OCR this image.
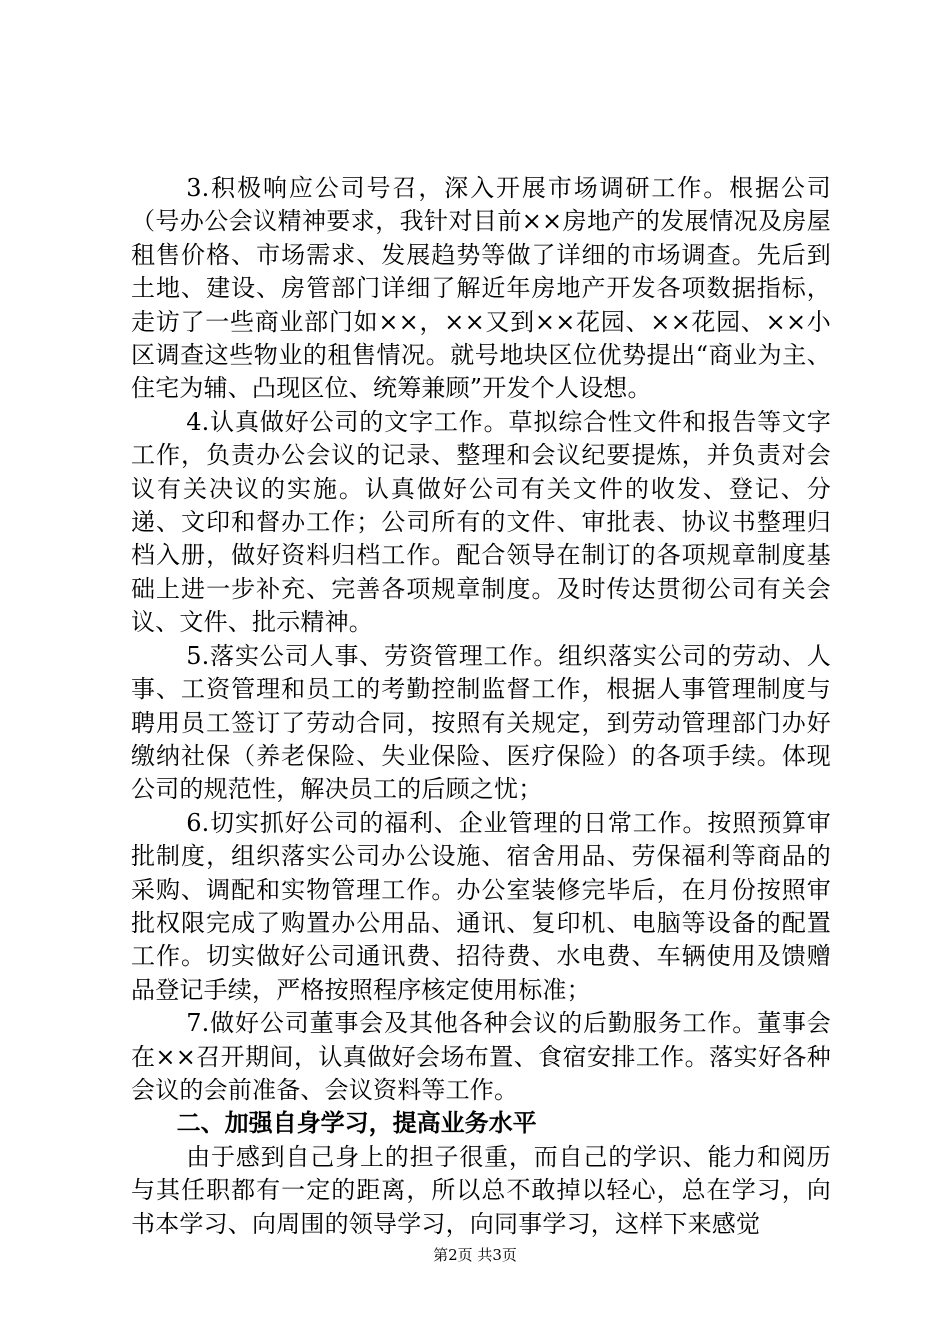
3.积极响应公司号召，深入开展市场调研工作。根据公司（号办公会议精神要求，我针对目前××房地产的发展情况及房屋租售价格、市场需求、发展趋势等做了详细的市场调查。先后到土地、建设、房管部门详细了解近年房地产开发各项数据指标，走访了一些商业部门如××，××又到××花园、××花园、××小区调查这些物业的租售情况。就号地块区位优势提出“商业为主、住宅为辅、凸现区位、统筹兼顾”开发个人设想。

4.认真做好公司的文字工作。草拟综合性文件和报告等文字工作，负责办公会议的记录、整理和会议纪要提炼，并负责对会议有关决议的实施。认真做好公司有关文件的收发、登记、分递、文印和督办工作；公司所有的文件、审批表、协议书整理归档入册，做好资料归档工作。配合领导在制订的各项规章制度基础上进一步补充、完善各项规章制度。及时传达贯彻公司有关会议、文件、批示精神。

5.落实公司人事、劳资管理工作。组织落实公司的劳动、人事、工资管理和员工的考勤控制监督工作，根据人事管理制度与聘用员工签订了劳动合同，按照有关规定，到劳动管理部门办好缴纳社保（养老保险、失业保险、医疗保险）的各项手续。体现公司的规范性，解决员工的后顾之忧；

6.切实抓好公司的福利、企业管理的日常工作。按照预算审批制度，组织落实公司办公设施、宿舍用品、劳保福利等商品的采购、调配和实物管理工作。办公室装修完毕后，在月份按照审批权限完成了购置办公用品、通讯、复印机、电脑等设备的配置工作。切实做好公司通讯费、招待费、水电费、车辆使用及馈赠品登记手续，严格按照程序核定使用标准；

7.做好公司董事会及其他各种会议的后勤服务工作。董事会在××召开期间，认真做好会场布置、食宿安排工作。落实好各种会议的会前准备、会议资料等工作。

二、加强自身学习，提高业务水平

由于感到自己身上的担子很重，而自己的学识、能力和阅历与其任职都有一定的距离，所以总不敢掉以轻心，总在学习，向书本学习、向周围的领导学习，向同事学习，这样下来感觉

第2页 共3页
